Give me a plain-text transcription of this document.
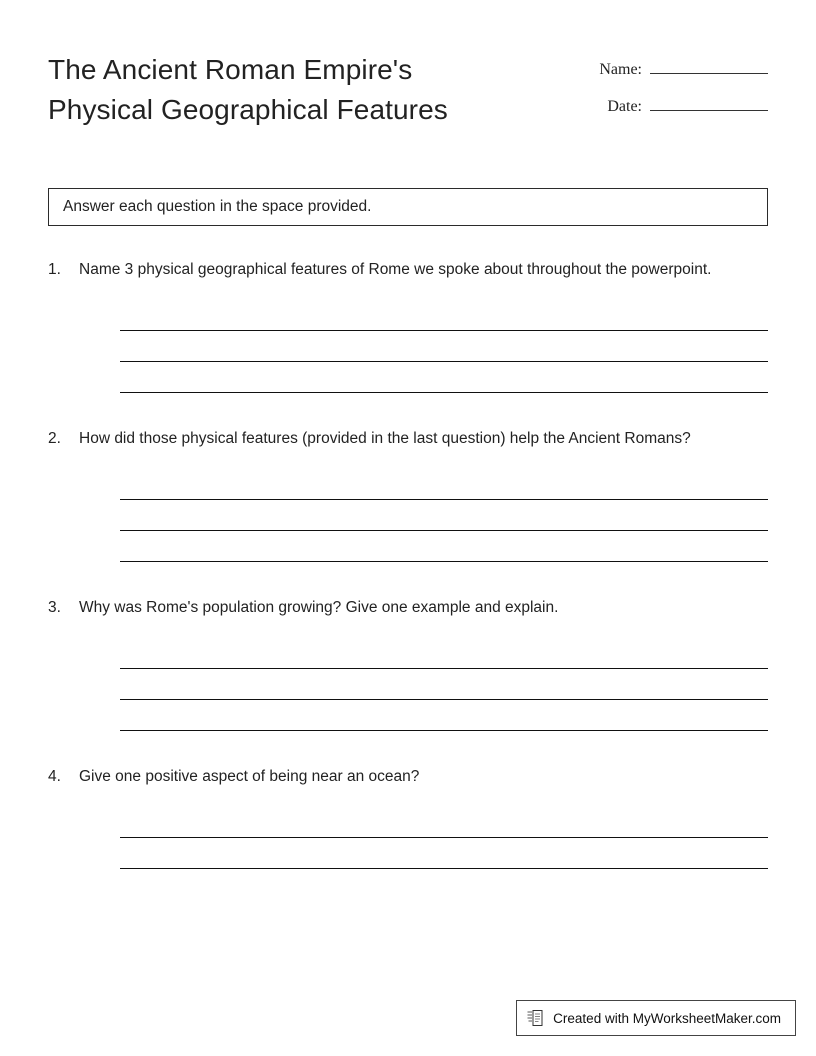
The Ancient Roman Empire's
Physical Geographical Features
Name:
Date:
Answer each question in the space provided.
1.	Name 3 physical geographical features of Rome we spoke about throughout the powerpoint.
2.	How did those physical features (provided in the last question) help the Ancient Romans?
3.	Why was Rome's population growing? Give one example and explain.
4.	Give one positive aspect of being near an ocean?
Created with MyWorksheetMaker.com
